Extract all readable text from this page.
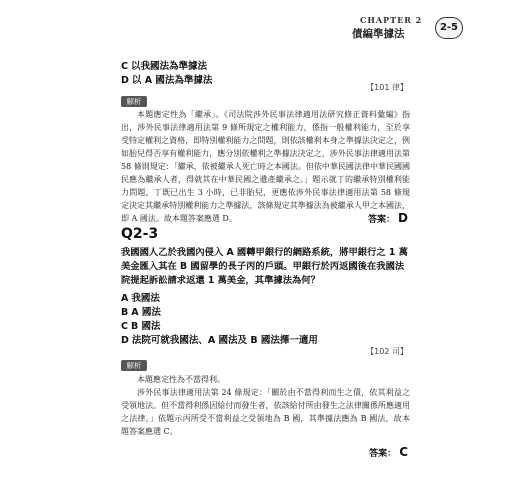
CHAPTER 2
債編準據法
2-5
C 以我國法為準據法
D 以 A 國法為準據法
【101 律】
解析

本題應定性為「繼承」。《司法院涉外民事法律適用法研究修正資料彙編》指出，涉外民事法律適用法第 9 條所規定之權利能力，係指一般權利能力，至於享受特定權利之資格，即特別權利能力之問題，則依該權利本身之準據法決定之，例如胎兒得否享有權利能力，應分別依權利之準據法決定之，涉外民事法律適用法第 58 條則規定：「繼承，依被繼承人死亡時之本國法。但依中華民國法律中華民國國民應為繼承人者，得就其在中華民國之遺產繼承之。」題示就丁的繼承特別權利能力問題，丁既已出生 3 小時，已非胎兒，更應依涉外民事法律適用法第 58 條規定決定其繼承特別權利能力之準據法，該條規定其準據法為被繼承人甲之本國法，即 A 國法。故本題答案應選 D。	答案： D
Q2-3
我國國人乙於我國內侵入 A 國轉甲銀行的網路系統，將甲銀行之 1 萬美金匯入其在 B 國留學的長子丙的戶頭。甲銀行於丙返國後在我國法院提起訴訟請求返還 1 萬美金，其準據法為何？
A 我國法
B A 國法
C B 國法
D 法院可就我國法、A 國法及 B 國法擇一適用
【102 司】
解析

本題應定性為不當得利。

涉外民事法律適用法第 24 條規定：「關於由不當得利而生之債，依其利益之受領地法。但不當得利係因給付而發生者，依該給付所由發生之法律關係所應適用之法律。」依題示丙所受不當利益之受領地為 B 國，其準據法應為 B 國法，故本題答案應選 C。

答案： C
